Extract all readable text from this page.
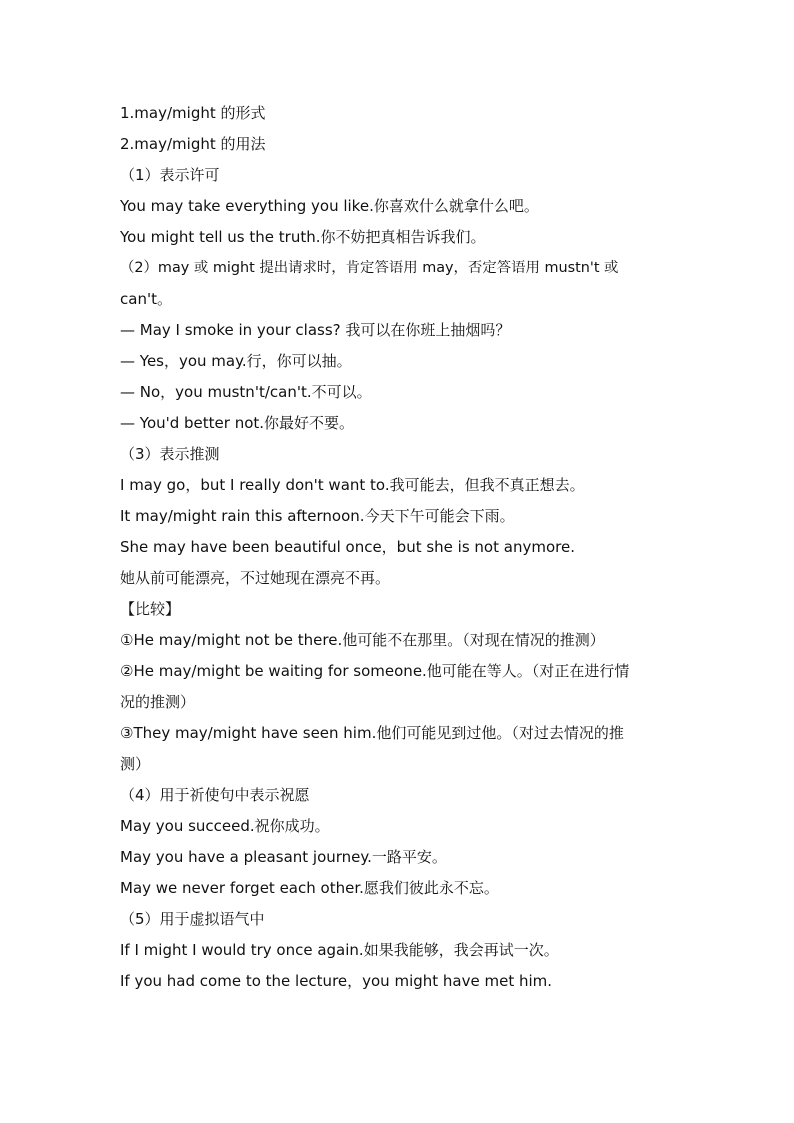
1.may/might 的形式
2.may/might 的用法
（1）表示许可
You may take everything you like.你喜欢什么就拿什么吧。
You might tell us the truth.你不妨把真相告诉我们。
（2）may 或 might 提出请求时，肯定答语用 may，否定答语用 mustn't 或
can't。
— May I smoke in your class? 我可以在你班上抽烟吗？
— Yes，you may.行，你可以抽。
— No，you mustn't/can't.不可以。
— You'd better not.你最好不要。
（3）表示推测
I may go，but I really don't want to.我可能去，但我不真正想去。
It may/might rain this afternoon.今天下午可能会下雨。
She may have been beautiful once，but she is not anymore.
她从前可能漂亮，不过她现在漂亮不再。
【比较】
①He may/might not be there.他可能不在那里。（对现在情况的推测）
②He may/might be waiting for someone.他可能在等人。（对正在进行情
况的推测）
③They may/might have seen him.他们可能见到过他。（对过去情况的推
测）
（4）用于祈使句中表示祝愿
May you succeed.祝你成功。
May you have a pleasant journey.一路平安。
May we never forget each other.愿我们彼此永不忘。
（5）用于虚拟语气中
If I might I would try once again.如果我能够，我会再试一次。
If you had come to the lecture，you might have met him.
